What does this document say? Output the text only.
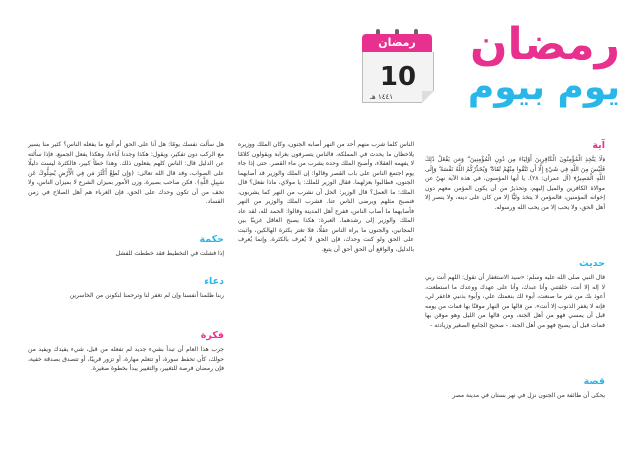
رمضان
يوم بيوم
رمضان
10
١٤٤١ هـ

آية

﴿لَا يَتَّخِذِ الْمُؤْمِنُونَ الْكَافِرِينَ أَوْلِيَاءَ مِن دُونِ الْمُؤْمِنِينَ ۖ وَمَن يَفْعَلْ ذَٰلِكَ فَلَيْسَ مِنَ اللَّهِ فِي شَيْءٍ إِلَّا أَن تَتَّقُوا مِنْهُمْ تُقَاةً ۗ وَيُحَذِّرُكُمُ اللَّهُ نَفْسَهُ ۗ وَإِلَى اللَّهِ الْمَصِيرُ﴾ (آل عمران: ٢٨). يا أيها المؤمنون، في هذه الآية نهيٌ عن موالاة الكافرين والميل إليهم، وتحذيرٌ من أن يكون المؤمن معهم دون إخوانه المؤمنين، فالمؤمن لا يتخذ وليًّا إلا من كان على دينه، ولا ينصر إلا أهل الحق، ولا يحب إلا من يحب الله ورسوله.

حديث

قال النبي صلى الله عليه وسلم: «سيد الاستغفار أن تقول: اللهم أنت ربي لا إله إلا أنت، خلقتني وأنا عبدك، وأنا على عهدك ووعدك ما استطعت، أعوذ بك من شر ما صنعت، أبوء لك بنعمتك علي، وأبوء بذنبي فاغفر لي، فإنه لا يغفر الذنوب إلا أنت». من قالها من النهار موقنًا بها فمات من يومه قبل أن يمسي فهو من أهل الجنة، ومن قالها من الليل وهو موقن بها فمات قبل أن يصبح فهو من أهل الجنة. - صحيح الجامع الصغير وزيادته -

قصة

يحكى أن طائفة من الجنون نزل في نهر بستان في مدينة مصر

الناس كلما شرب منهم أحد من النهر أصابه الجنون، وكان الملك ووزيره يلاحظان ما يحدث في المملكة، فالناس يتصرفون بغرابة ويقولون كلامًا لا يفهمه العقلاء، وأصبح الملك وحده يشرب من ماء القصر. حتى إذا جاء يوم اجتمع الناس على باب القصر وقالوا: إن الملك والوزير قد أصابهما الجنون، فطالبوا بعزلهما. فقال الوزير للملك: يا مولاي، ماذا نفعل؟ قال الملك: ما العمل؟ قال الوزير: الحل أن نشرب من النهر كما يشربون، فنصبح مثلهم ويرضى الناس عنا. فشرب الملك والوزير من النهر فأصابهما ما أصاب الناس، ففرح أهل المدينة وقالوا: الحمد لله، لقد عاد الملك والوزير إلى رشدهما. العبرة: هكذا يصبح العاقل غريبًا بين المجانين، والجنون ما يراه الناس عقلًا، فلا تغتر بكثرة الهالكين، واثبت على الحق ولو كنت وحدك، فإن الحق لا يُعرف بالكثرة، وإنما يُعرف بالدليل، والواقع أن الحق أحق أن يتبع.

هل سألت نفسك يومًا: هل أنا على الحق أم أتبع ما يفعله الناس؟ كثير منا يسير مع الركب دون تفكير، ويقول: هكذا وجدنا آباءنا، وهكذا يفعل الجميع. فإذا سألته عن الدليل قال: الناس كلهم يفعلون ذلك. وهذا خطأ كبير، فالكثرة ليست دليلًا على الصواب، وقد قال الله تعالى: ﴿وَإِن تُطِعْ أَكْثَرَ مَن فِي الْأَرْضِ يُضِلُّوكَ عَن سَبِيلِ اللَّهِ﴾. فكن صاحب بصيرة، وزن الأمور بميزان الشرع لا بميزان الناس، ولا تخف من أن تكون وحدك على الحق، فإن الغرباء هم أهل الصلاح في زمن الفساد.

حكمة

إذا فشلت في التخطيط فقد خططت للفشل

دعاء

ربنا ظلمنا أنفسنا وإن لم تغفر لنا وترحمنا لنكونن من الخاسرين

فكرة

جرب هذا العام أن تبدأ بشيء جديد لم تفعله من قبل، شيء يفيدك ويفيد من حولك، كأن تحفظ سورة، أو تتعلم مهارة، أو تزور قريبًا، أو تتصدق بصدقة خفية، فإن رمضان فرصة للتغيير، والتغيير يبدأ بخطوة صغيرة.
